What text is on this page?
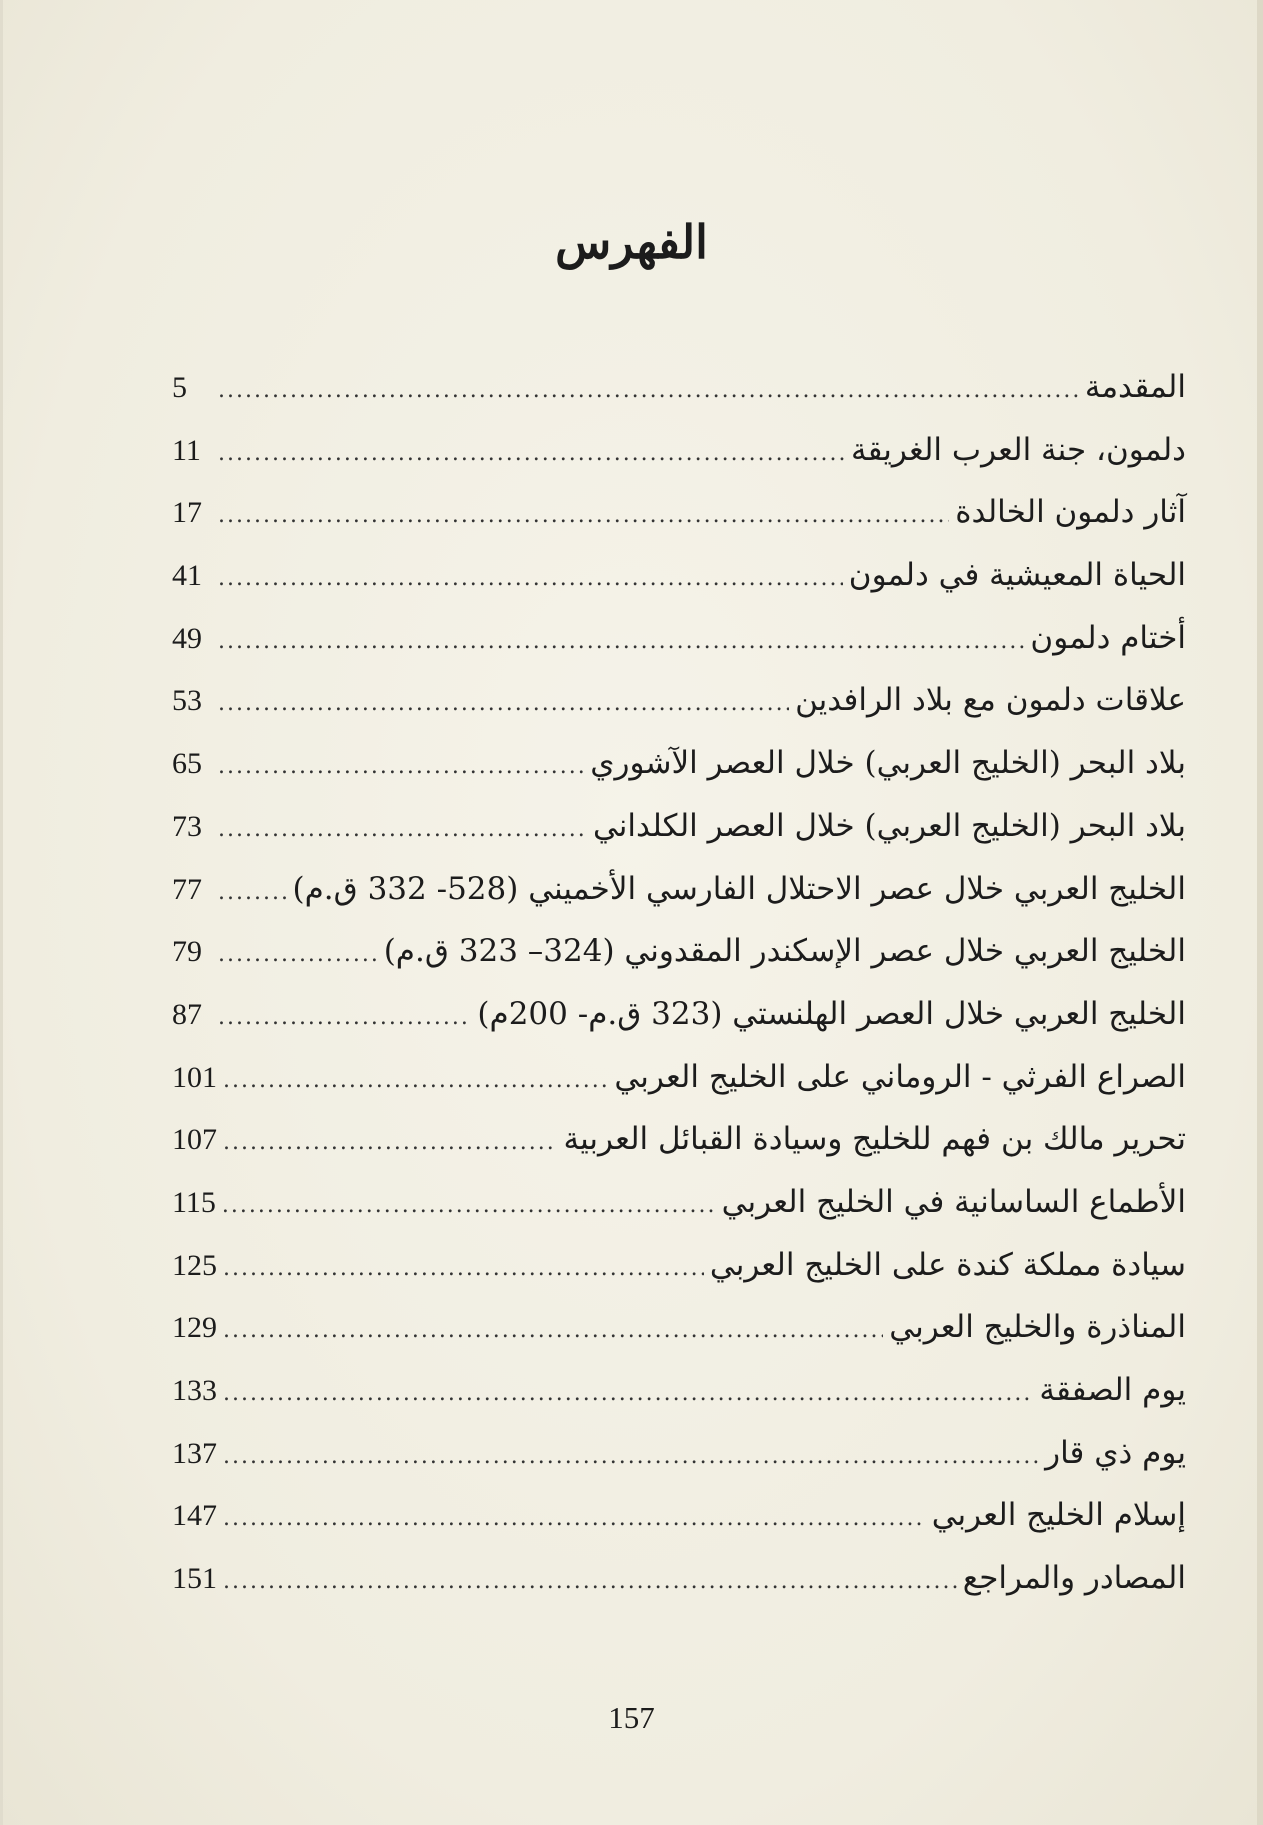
الفهرس
المقدمة
.....
5
دلمون، جنة العرب الغريقة
.....
11
آثار دلمون الخالدة
.....
17
الحياة المعيشية في دلمون
.....
41
أختام دلمون
.....
49
علاقات دلمون مع بلاد الرافدين
.....
53
بلاد البحر (الخليج العربي) خلال العصر الآشوري
.....
65
بلاد البحر (الخليج العربي) خلال العصر الكلداني
.....
73
الخليج العربي خلال عصر الاحتلال الفارسي الأخميني (528- 332 ق.م)
.....
77
الخليج العربي خلال عصر الإسكندر المقدوني (324– 323 ق.م)
.....
79
الخليج العربي خلال العصر الهلنستي (323 ق.م- 200م)
.....
87
الصراع الفرثي - الروماني على الخليج العربي
.....
101
تحرير مالك بن فهم للخليج وسيادة القبائل العربية
.....
107
الأطماع الساسانية في الخليج العربي
.....
115
سيادة مملكة كندة على الخليج العربي
.....
125
المناذرة والخليج العربي
.....
129
يوم الصفقة
.....
133
يوم ذي قار
.....
137
إسلام الخليج العربي
.....
147
المصادر والمراجع
.....
151
157
